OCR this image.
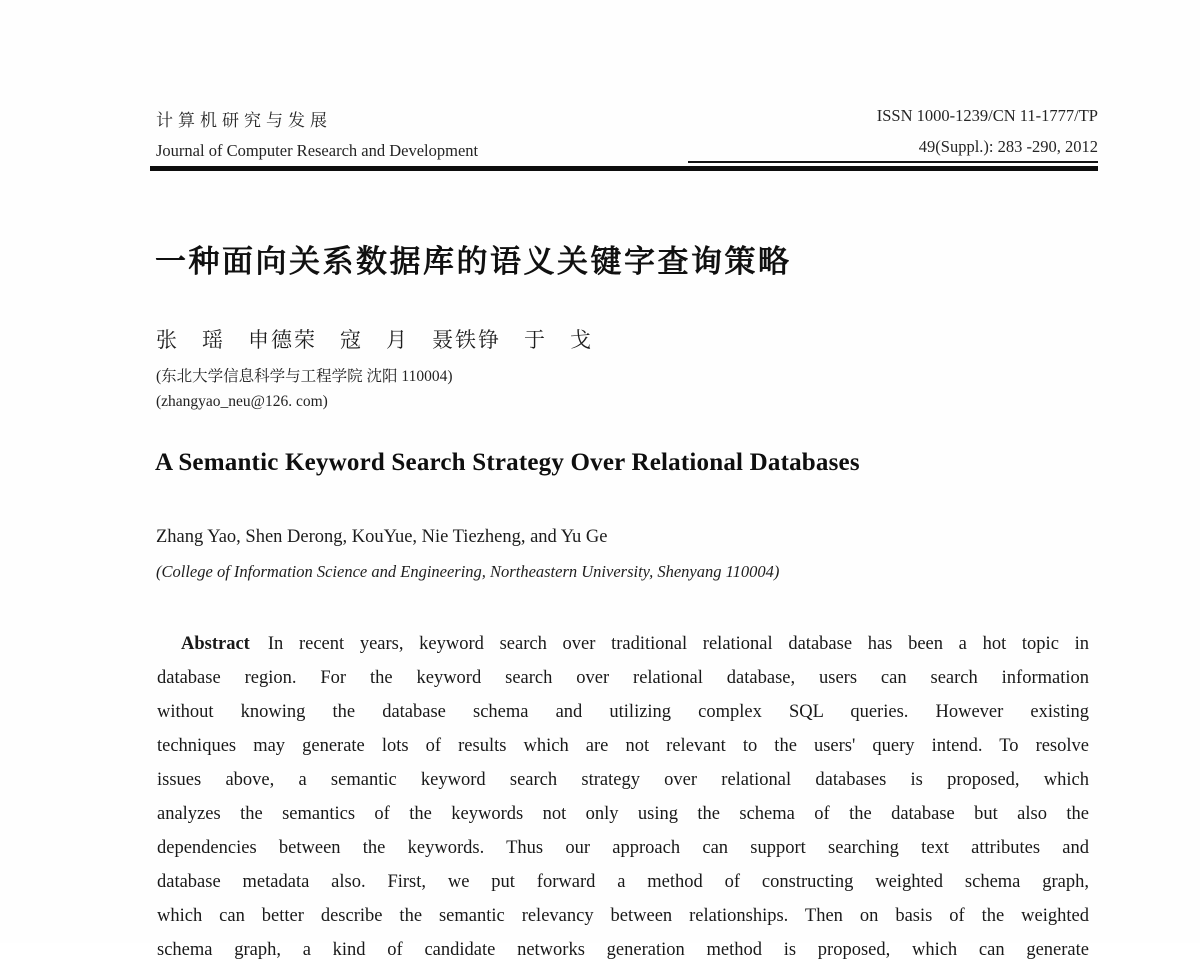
计算机研究与发展
Journal of Computer Research and Development
ISSN 1000-1239/CN 11-1777/TP
49(Suppl.): 283 -290, 2012
一种面向关系数据库的语义关键字查询策略
张　瑶　申德荣　寇　月　聂铁铮　于　戈
(东北大学信息科学与工程学院 沈阳 110004)
(zhangyao_neu@126. com)
A Semantic Keyword Search Strategy Over Relational Databases
Zhang Yao, Shen Derong, KouYue, Nie Tiezheng, and Yu Ge
(College of Information Science and Engineering, Northeastern University, Shenyang 110004)
Abstract In recent years, keyword search over traditional relational database has been a hot topic in
database region. For the keyword search over relational database, users can search information
without knowing the database schema and utilizing complex SQL queries. However existing
techniques may generate lots of results which are not relevant to the users' query intend. To resolve
issues above, a semantic keyword search strategy over relational databases is proposed, which
analyzes the semantics of the keywords not only using the schema of the database but also the
dependencies between the keywords. Thus our approach can support searching text attributes and
database metadata also. First, we put forward a method of constructing weighted schema graph,
which can better describe the semantic relevancy between relationships. Then on basis of the weighted
schema graph, a kind of candidate networks generation method is proposed, which can generate
